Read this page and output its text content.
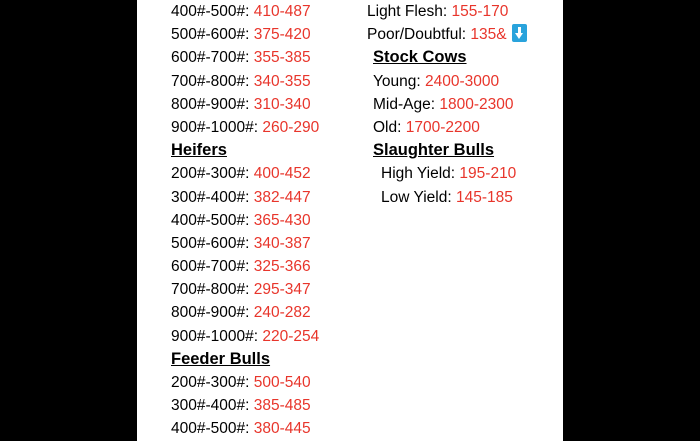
400#-500#: 410-487
500#-600#: 375-420
600#-700#: 355-385
700#-800#: 340-355
800#-900#: 310-340
900#-1000#: 260-290
Heifers
200#-300#: 400-452
300#-400#: 382-447
400#-500#: 365-430
500#-600#: 340-387
600#-700#: 325-366
700#-800#: 295-347
800#-900#: 240-282
900#-1000#: 220-254
Feeder Bulls
200#-300#: 500-540
300#-400#: 385-485
400#-500#: 380-445
Light Flesh: 155-170
Poor/Doubtful: 135&
Stock Cows
Young: 2400-3000
Mid-Age: 1800-2300
Old: 1700-2200
Slaughter Bulls
High Yield: 195-210
Low Yield: 145-185
